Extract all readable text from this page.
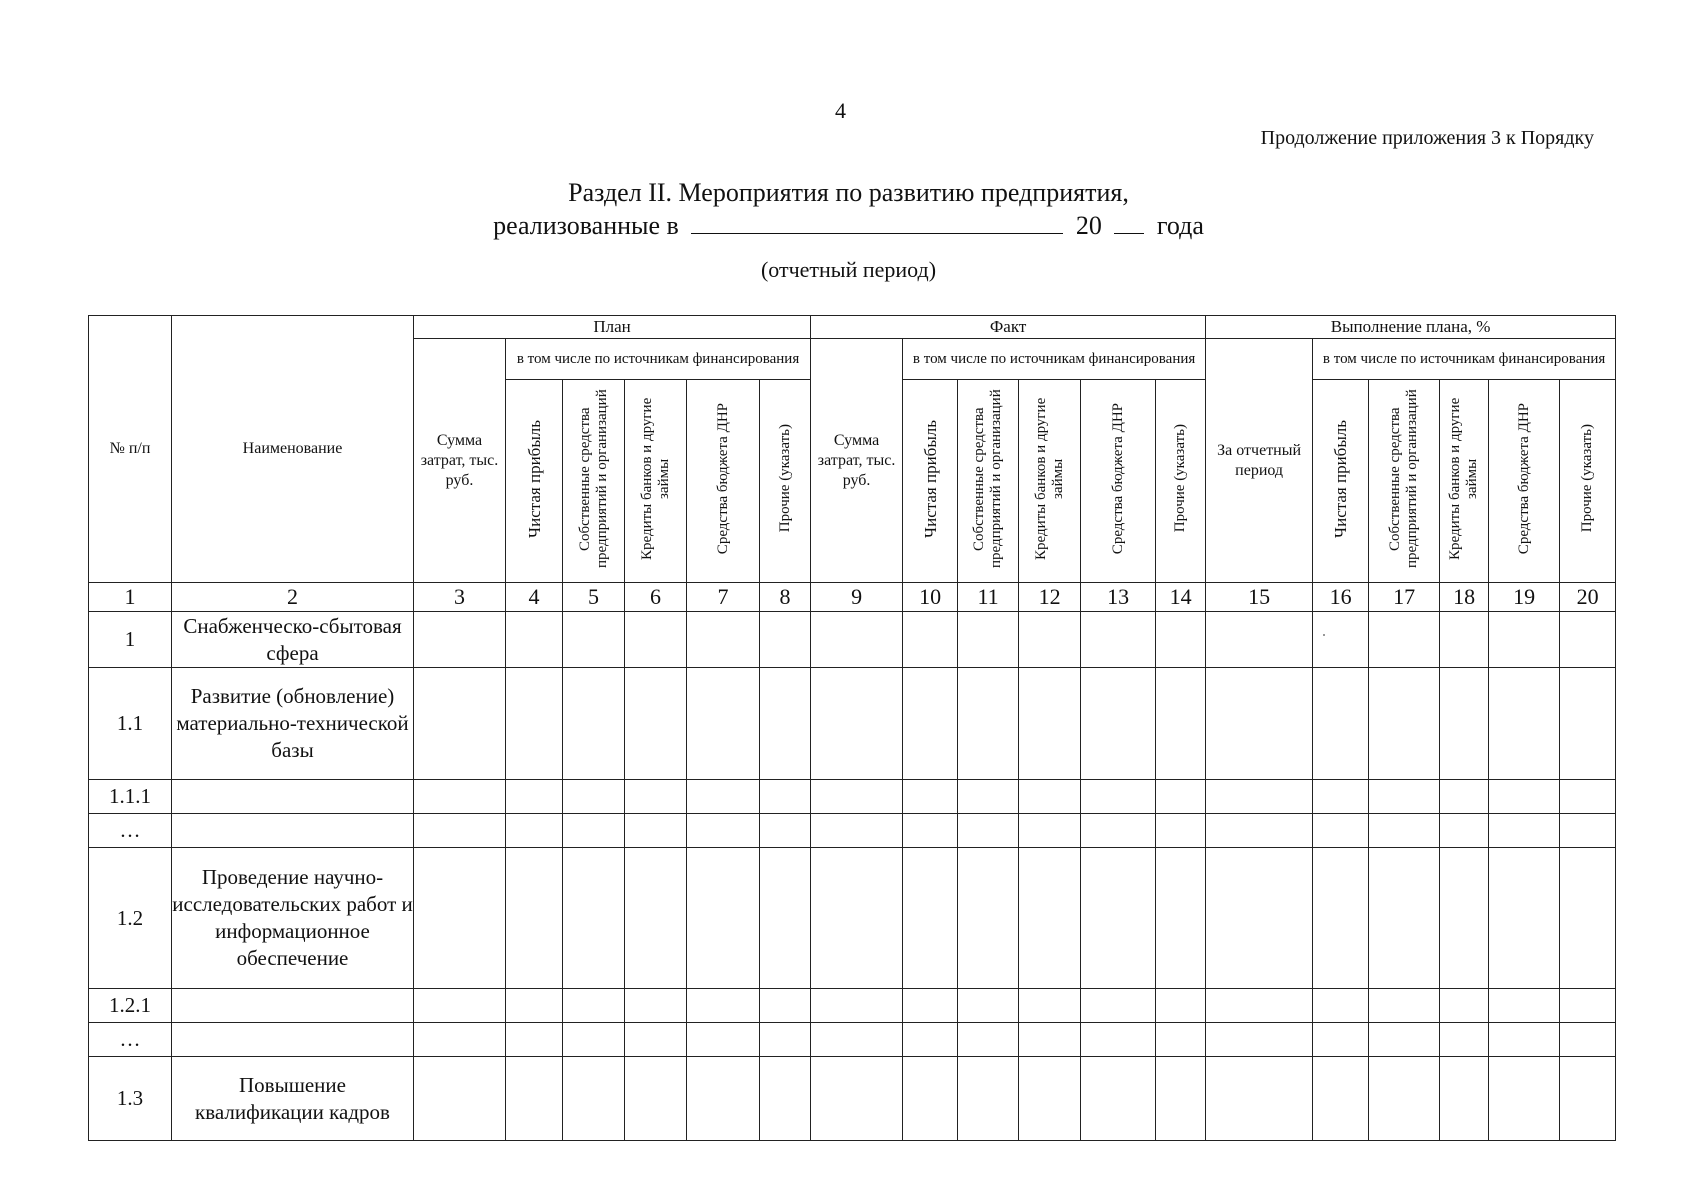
4
Продолжение приложения 3 к Порядку
Раздел II. Мероприятия по развитию предприятия,

реализованные в	20 года
(отчетный период)
№ п/п	Наименование	План						Факт						Выполнение плана, %					
		Сумма затрат, тыс. руб.	в том числе по источникам финансирования					Сумма затрат, тыс. руб.	в том числе по источникам финансирования					За отчетный период	в том числе по источникам финансирования				
			Чистая прибыль	Собственные средства предприятий и организаций	Кредиты банков и другие займы	Средства бюджета ДНР	Прочие (указать)		Чистая прибыль	Собственные средства предприятий и организаций	Кредиты банков и другие займы	Средства бюджета ДНР	Прочие (указать)		Чистая прибыль	Собственные средства предприятий и организаций	Кредиты банков и другие займы	Средства бюджета ДНР	Прочие (указать)
1	2	3	4	5	6	7	8	9	10	11	12	13	14	15	16	17	18	19	20
1	Снабженческо-сбытовая сфера														

1.1	Развитие (обновление) материально-технической базы																		
1.1.1																			
…																			
1.2	Проведение научно-исследовательских работ и информационное обеспечение																		
1.2.1																			
…																			
1.3	Повышение квалификации кадров																		
